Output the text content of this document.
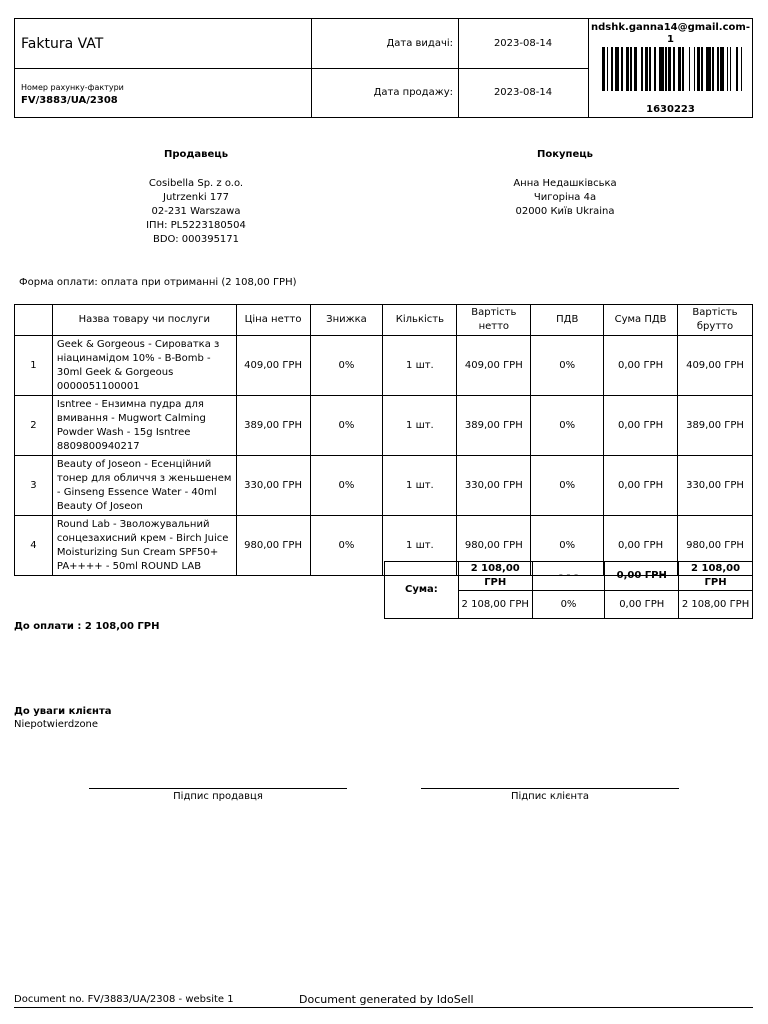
Faktura VAT
Номер рахунку-фактури
FV/3883/UA/2308
Дата видачі:	2023-08-14
Дата продажу:	2023-08-14
ndshk.ganna14@gmail.com-
1
1630223
Продавець
Cosibella Sp. z o.o.
Jutrzenki 177
02-231 Warszawa
ІПН: PL5223180504
BDO: 000395171
Покупець
Анна Недашківська
Чигоріна 4а
02000 Київ Ukraina
Форма оплати: оплата при отриманні (2 108,00 ГРН)
	Назва товару чи послуги	Ціна нетто	Знижка	Кількість	Вартість нетто	ПДВ	Сума ПДВ	Вартість брутто
1	Geek & Gorgeous - Сироватка з ніацинамідом 10% - B-Bomb - 30ml Geek & Gorgeous 0000051100001	409,00 ГРН	0%	1 шт.	409,00 ГРН	0%	0,00 ГРН	409,00 ГРН
2	Isntree - Ензимна пудра для вмивання - Mugwort Calming Powder Wash - 15g Isntree 8809800940217	389,00 ГРН	0%	1 шт.	389,00 ГРН	0%	0,00 ГРН	389,00 ГРН
3	Beauty of Joseon - Есенційний тонер для обличчя з женьшенем - Ginseng Essence Water - 40ml Beauty Of Joseon	330,00 ГРН	0%	1 шт.	330,00 ГРН	0%	0,00 ГРН	330,00 ГРН
4	Round Lab - Зволожувальний сонцезахисний крем - Birch Juice Moisturizing Sun Cream SPF50+ PA++++ - 50ml ROUND LAB	980,00 ГРН	0%	1 шт.	980,00 ГРН	0%	0,00 ГРН	980,00 ГРН
Сума:	2 108,00 ГРН	- - -	0,00 ГРН	2 108,00 ГРН
	2 108,00 ГРН	0%	0,00 ГРН	2 108,00 ГРН
До оплати : 2 108,00 ГРН
До уваги клієнта
Niepotwierdzone
Підпис продавця	Підпис клієнта
Document no. FV/3883/UA/2308 - website 1	Document generated by IdoSell
